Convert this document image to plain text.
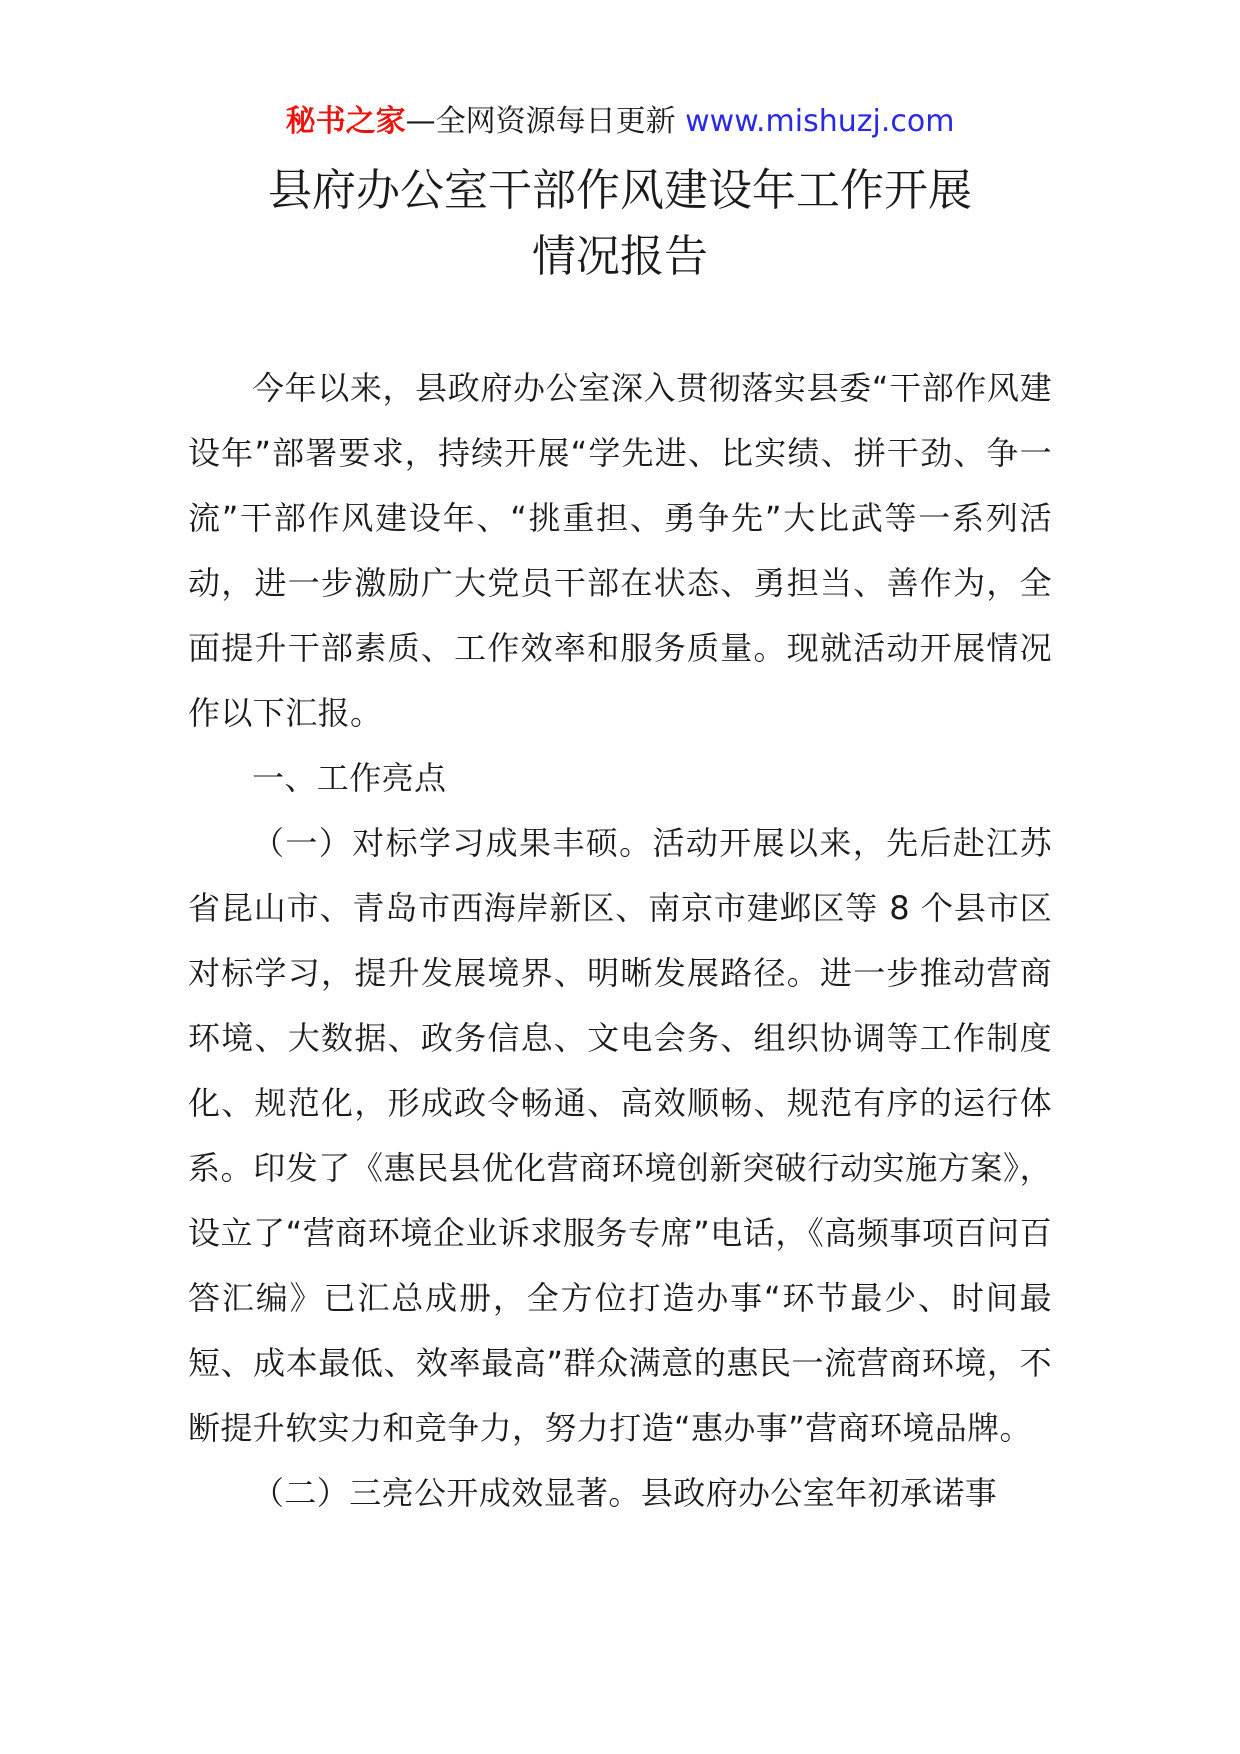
秘书之家—全网资源每日更新 www.mishuzj.com
县府办公室干部作风建设年工作开展
情况报告

今年以来，县政府办公室深入贯彻落实县委“干部作风建设年”部署要求，持续开展“学先进、比实绩、拼干劲、争一流”干部作风建设年、“挑重担、勇争先”大比武等一系列活动，进一步激励广大党员干部在状态、勇担当、善作为，全面提升干部素质、工作效率和服务质量。现就活动开展情况作以下汇报。

一、工作亮点

（一）对标学习成果丰硕。活动开展以来，先后赴江苏省昆山市、青岛市西海岸新区、南京市建邺区等 8 个县市区对标学习，提升发展境界、明晰发展路径。进一步推动营商环境、大数据、政务信息、文电会务、组织协调等工作制度化、规范化，形成政令畅通、高效顺畅、规范有序的运行体系。印发了《惠民县优化营商环境创新突破行动实施方案》，设立了“营商环境企业诉求服务专席”电话，《高频事项百问百答汇编》已汇总成册，全方位打造办事“环节最少、时间最短、成本最低、效率最高”群众满意的惠民一流营商环境，不断提升软实力和竞争力，努力打造“惠办事”营商环境品牌。

（二）三亮公开成效显著。县政府办公室年初承诺事
